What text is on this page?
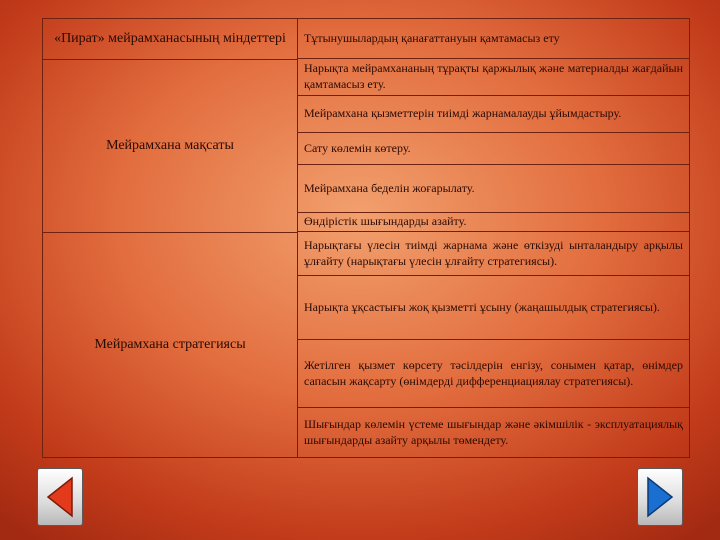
«Пират» мейрамханасының міндеттері	Тұтынушылардың қанағаттануын қамтамасыз ету
Мейрамхана мақсаты
Нарықта мейрамхананың тұрақты қаржылық және материалды жағдайын қамтамасыз ету.
Мейрамхана қызметтерін тиімді жарнамалауды ұйымдастыру.
Сату көлемін көтеру.
Мейрамхана беделін жоғарылату.
Өндірістік шығындарды азайту.
Мейрамхана стратегиясы
Нарықтағы үлесін тиімді жарнама және өткізуді ынталандыру арқылы ұлғайту (нарықтағы үлесін ұлғайту стратегиясы).
Нарықта ұқсастығы жоқ қызметті ұсыну (жаңашылдық стратегиясы).
Жетілген қызмет көрсету тәсілдерін енгізу, сонымен қатар, өнімдер сапасын жақсарту (өнімдерді дифференциациялау стратегиясы).
Шығындар көлемін үстеме шығындар және әкімшілік - эксплуатациялық шығындарды азайту арқылы төмендету.
